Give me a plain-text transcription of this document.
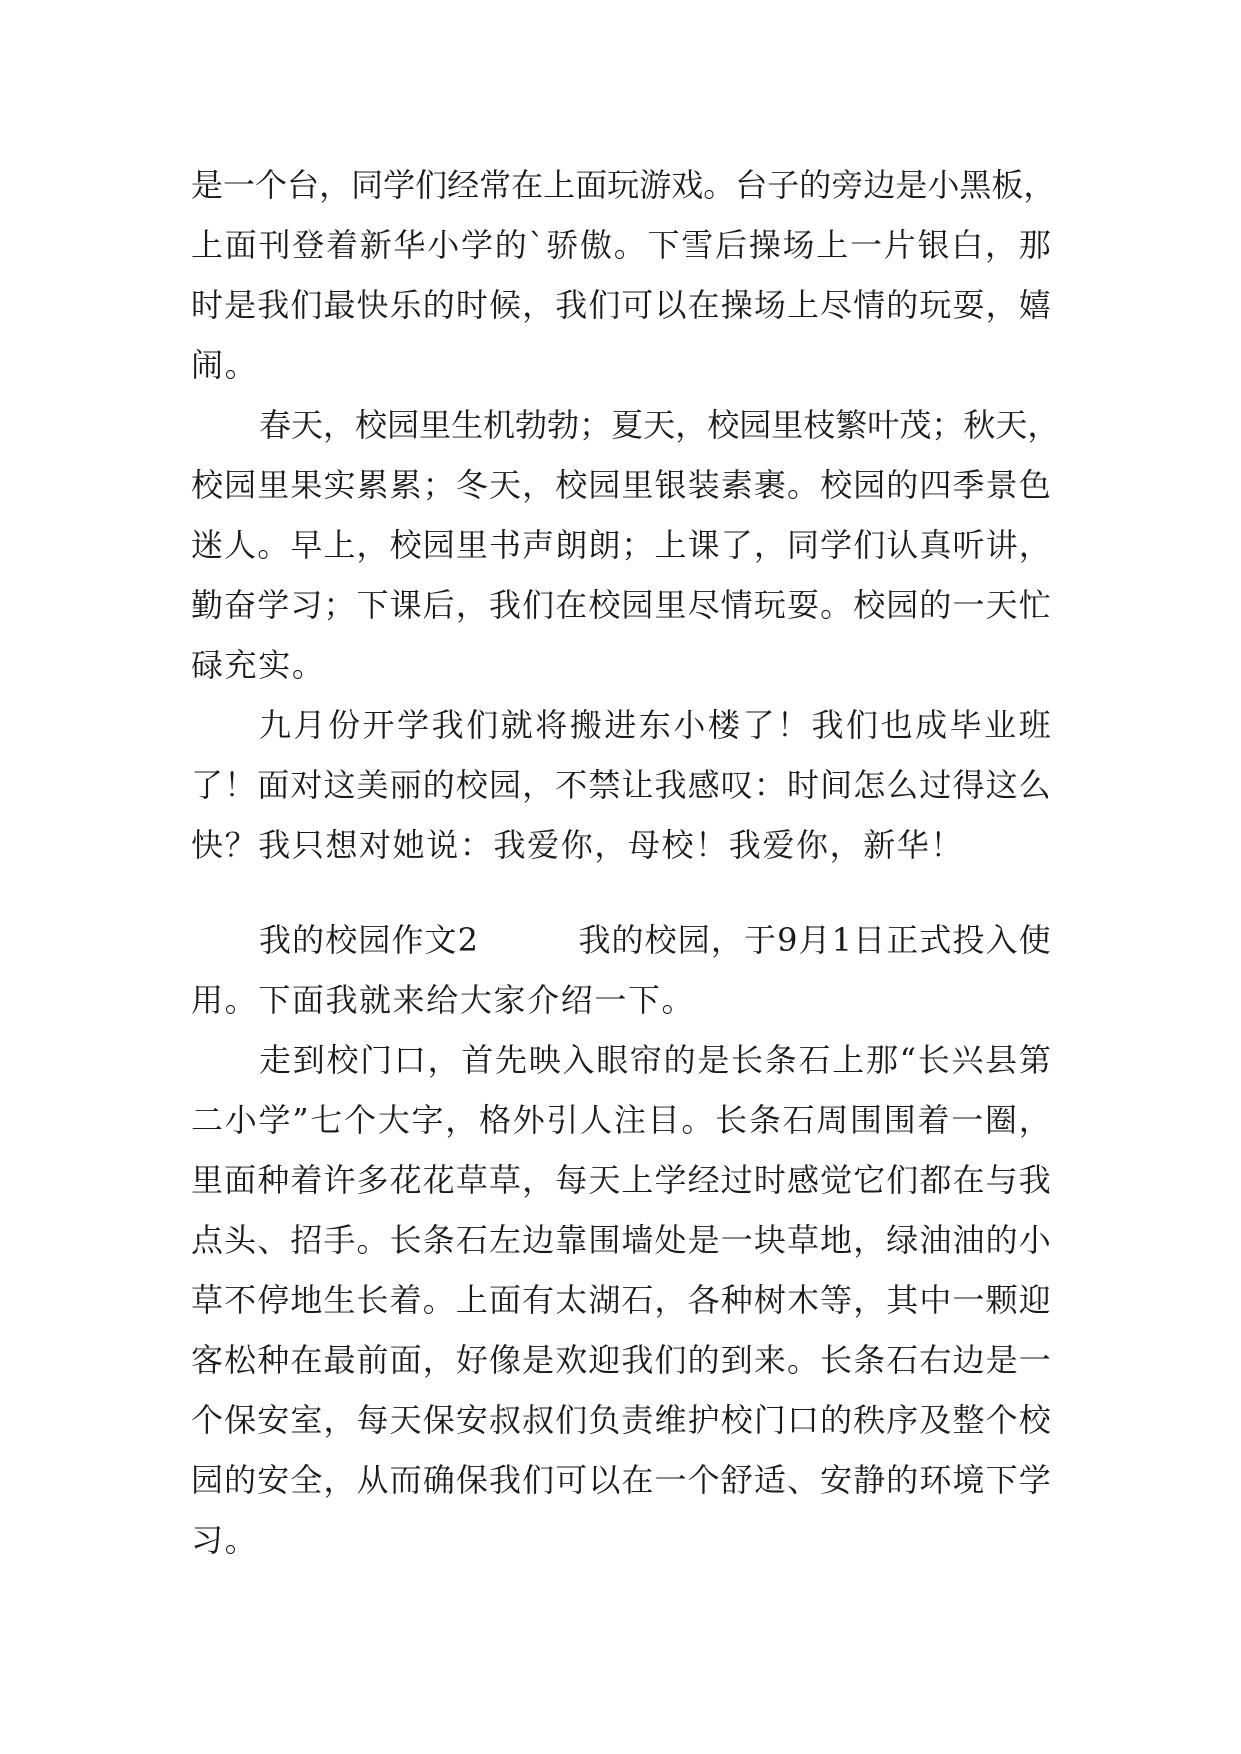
是 一 个 台 ， 同 学 们 经 常 在 上 面 玩 游 戏 。 台 子 的 旁 边 是 小 黑 板 ，
上 面 刊 登 着 新 华 小 学 的 ` 骄 傲 。 下 雪 后 操 场 上 一 片 银 白 ， 那
时 是 我 们 最 快 乐 的 时 候 ， 我 们 可 以 在 操 场 上 尽 情 的 玩 耍 ， 嬉
闹 。
春 天 ， 校 园 里 生 机 勃 勃 ； 夏 天 ， 校 园 里 枝 繁 叶 茂 ； 秋 天 ，
校 园 里 果 实 累 累 ； 冬 天 ， 校 园 里 银 装 素 裹 。 校 园 的 四 季 景 色
迷 人 。 早 上 ， 校 园 里 书 声 朗 朗 ； 上 课 了 ， 同 学 们 认 真 听 讲 ，
勤 奋 学 习 ； 下 课 后 ， 我 们 在 校 园 里 尽 情 玩 耍 。 校 园 的 一 天 忙
碌 充 实 。
九 月 份 开 学 我 们 就 将 搬 进 东 小 楼 了 ！ 我 们 也 成 毕 业 班
了 ！ 面 对 这 美 丽 的 校 园 ， 不 禁 让 我 感 叹 ： 时 间 怎 么 过 得 这 么
快 ？ 我 只 想 对 她 说 ： 我 爱 你 ， 母 校 ！ 我 爱 你 ， 新 华 ！
我 的 校 园 作 文 2

　	我 的 校 园 ， 于 9 月 1 日 正 式 投 入 使
用 。 下 面 我 就 来 给 大 家 介 绍 一 下 。
走 到 校 门 口 ， 首 先 映 入 眼 帘 的 是 长 条 石 上 那 “ 长 兴 县 第
二 小 学 ” 七 个 大 字 ， 格 外 引 人 注 目 。 长 条 石 周 围 围 着 一 圈 ，
里 面 种 着 许 多 花 花 草 草 ， 每 天 上 学 经 过 时 感 觉 它 们 都 在 与 我
点 头 、 招 手 。 长 条 石 左 边 靠 围 墙 处 是 一 块 草 地 ， 绿 油 油 的 小
草 不 停 地 生 长 着 。 上 面 有 太 湖 石 ， 各 种 树 木 等 ， 其 中 一 颗 迎
客 松 种 在 最 前 面 ， 好 像 是 欢 迎 我 们 的 到 来 。 长 条 石 右 边 是 一
个 保 安 室 ， 每 天 保 安 叔 叔 们 负 责 维 护 校 门 口 的 秩 序 及 整 个 校
园 的 安 全 ， 从 而 确 保 我 们 可 以 在 一 个 舒 适 、 安 静 的 环 境 下 学
习 。
